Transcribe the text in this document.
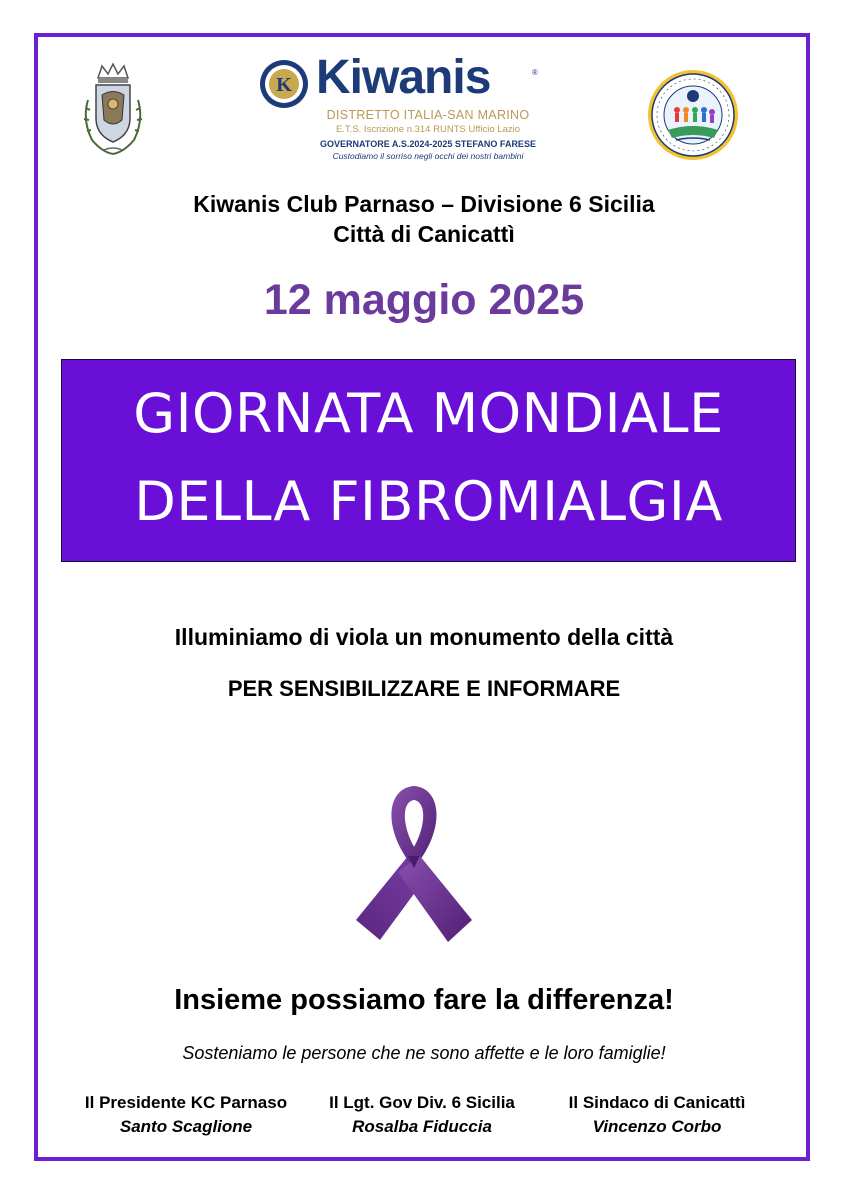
K Kiwanis	®
DISTRETTO ITALIA-SAN MARINO
E.T.S. Iscrizione n.314 RUNTS Ufficio Lazio
GOVERNATORE A.S.2024-2025 STEFANO FARESE
Custodiamo il sorriso negli occhi dei nostri bambini
Kiwanis Club Parnaso – Divisione 6 Sicilia
Città di Canicattì
12 maggio 2025
GIORNATA MONDIALE
DELLA FIBROMIALGIA
Illuminiamo di viola un monumento della città
PER SENSIBILIZZARE E INFORMARE
Insieme possiamo fare la differenza!
Sosteniamo le persone che ne sono affette e le loro famiglie!
Il Presidente KC Parnaso
Santo Scaglione
Il Lgt. Gov Div. 6 Sicilia
Rosalba Fiduccia
Il Sindaco di Canicattì
Vincenzo Corbo
